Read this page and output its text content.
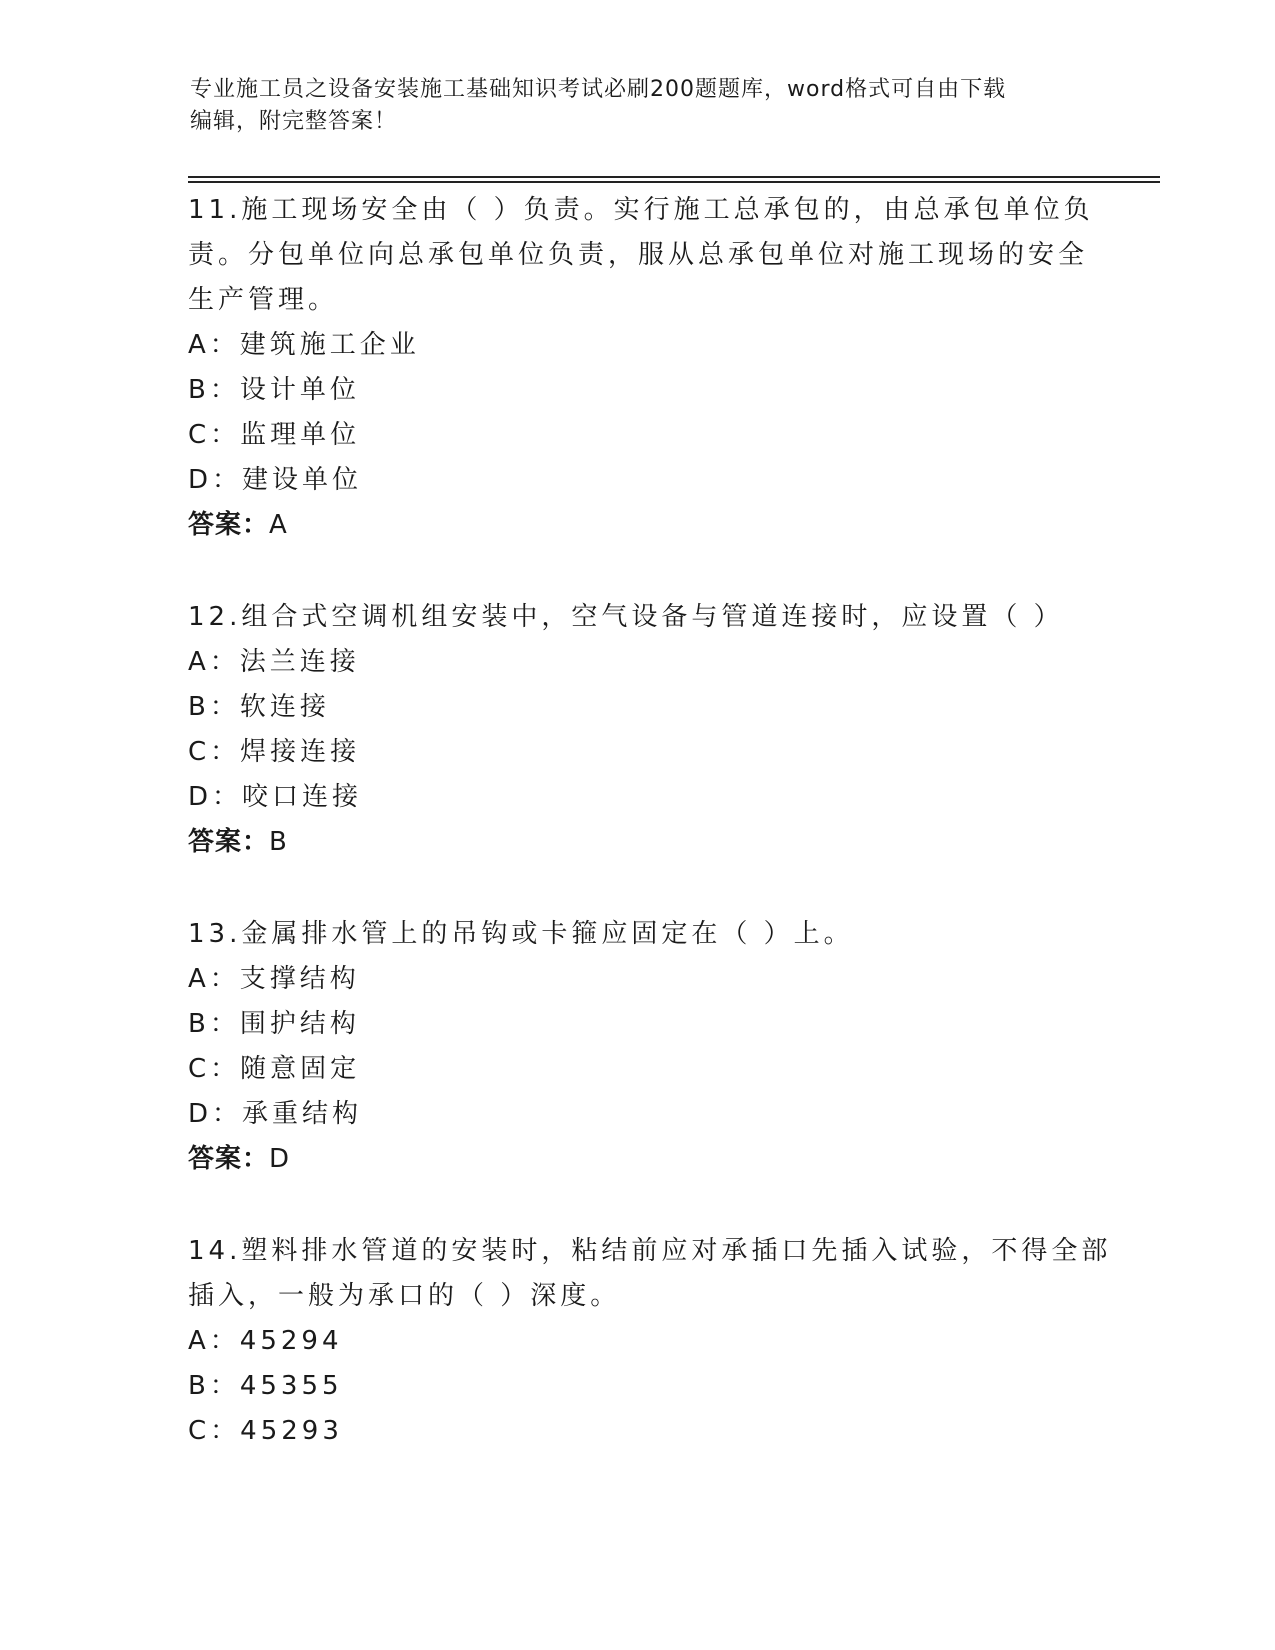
专业施工员之设备安装施工基础知识考试必刷200题题库，word格式可自由下载
编辑，附完整答案！
11.施工现场安全由（ ）负责。实行施工总承包的，由总承包单位负
责。分包单位向总承包单位负责，服从总承包单位对施工现场的安全
生产管理。
A：建筑施工企业
B：设计单位
C：监理单位
D：建设单位
答案：A
12.组合式空调机组安装中，空气设备与管道连接时，应设置（ ）
A：法兰连接
B：软连接
C：焊接连接
D：咬口连接
答案：B
13.金属排水管上的吊钩或卡箍应固定在（ ）上。
A：支撑结构
B：围护结构
C：随意固定
D：承重结构
答案：D
14.塑料排水管道的安装时，粘结前应对承插口先插入试验，不得全部
插入，一般为承口的（ ）深度。
A：45294
B：45355
C：45293
